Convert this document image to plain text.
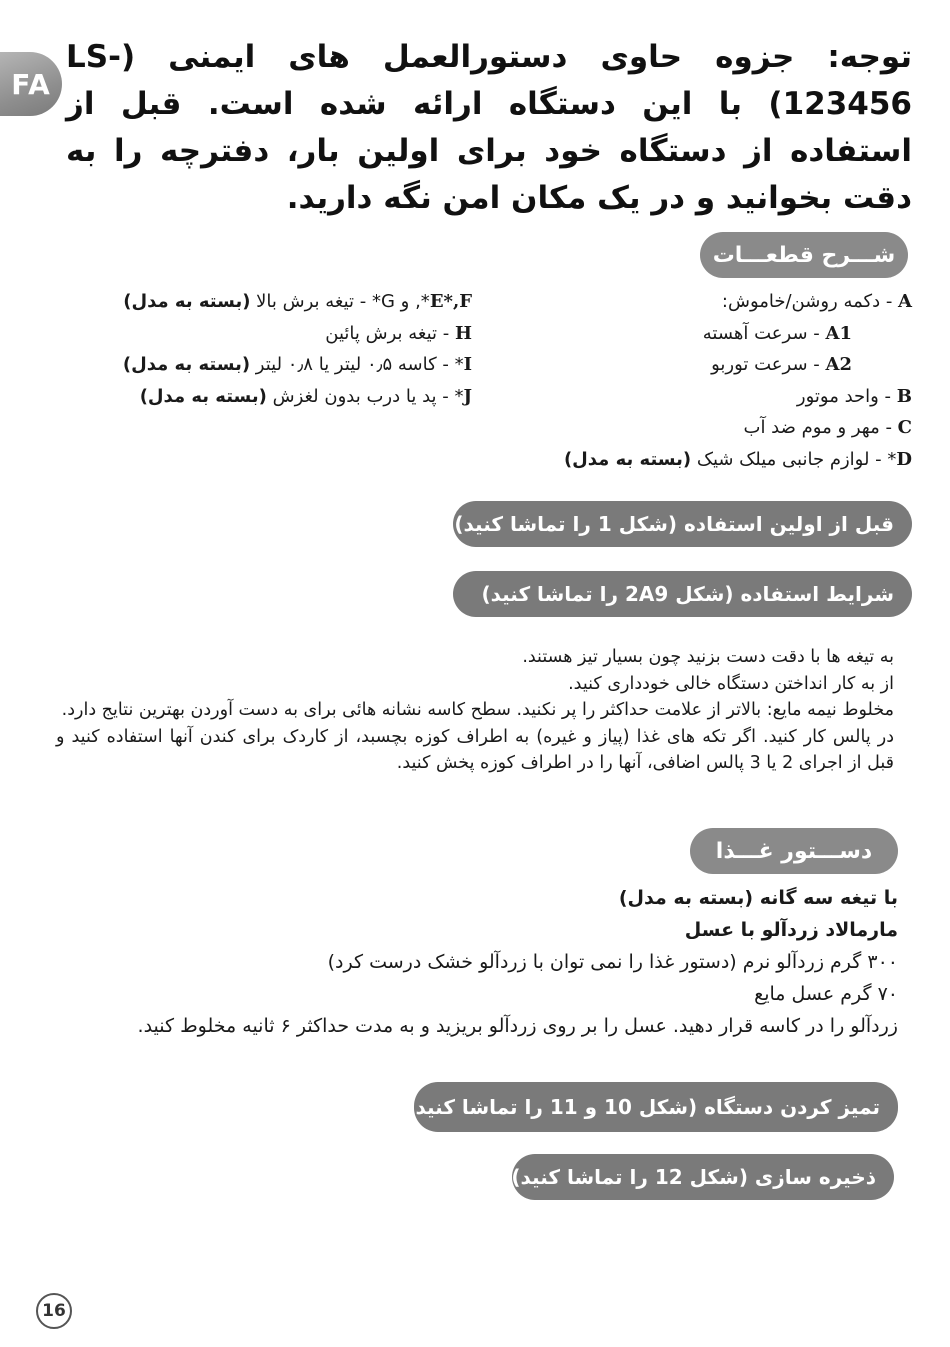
FA
توجه: جزوه حاوی دستورالعمل های ایمنی (LS-123456) با این دستگاه ارائه شده است. قبل از استفاده از دستگاه خود برای اولین بار، دفترچه را به دقت بخوانید و در یک مکان امن نگه دارید.
شـــرح قطعـــات
A - دکمه روشن/خاموش:
A1 - سرعت آهسته
A2 - سرعت توربو
B - واحد موتور
C - مهر و موم ضد آب
D* - لوازم جانبی میلک شیک (بسته به مدل)
E*,F*, و G* - تیغه برش بالا (بسته به مدل)
H - تیغه برش پائین
I* - کاسه ۰٫۵ لیتر یا ۰٫۸ لیتر (بسته به مدل)
J* - پد یا درب بدون لغزش (بسته به مدل)
قبل از اولین استفاده (شکل 1 را تماشا کنید)
شرایط استفاده (شکل 2A9 را تماشا کنید)
به تیغه ها با دقت دست بزنید چون بسیار تیز هستند.
از به کار انداختن دستگاه خالی خودداری کنید.
مخلوط نیمه مایع: بالاتر از علامت حداکثر را پر نکنید. سطح کاسه نشانه هائی برای به دست آوردن بهترین نتایج دارد.
در پالس کار کنید. اگر تکه های غذا (پیاز و غیره) به اطراف کوزه بچسبد، از کاردک برای کندن آنها استفاده کنید و قبل از اجرای 2 یا 3 پالس اضافی، آنها را در اطراف کوزه پخش کنید.
دســـتور غـــذا
با تیغه سه گانه (بسته به مدل)
مارمالاد زردآلو با عسل
۳۰۰ گرم زردآلو نرم (دستور غذا را نمی توان با زردآلو خشک درست کرد)
۷۰ گرم عسل مایع
زردآلو را در کاسه قرار دهید. عسل را بر روی زردآلو بریزید و به مدت حداکثر ۶ ثانیه مخلوط کنید.
تمیز کردن دستگاه (شکل 10 و 11 را تماشا کنید)
ذخیره سازی (شکل 12 را تماشا کنید)
16
